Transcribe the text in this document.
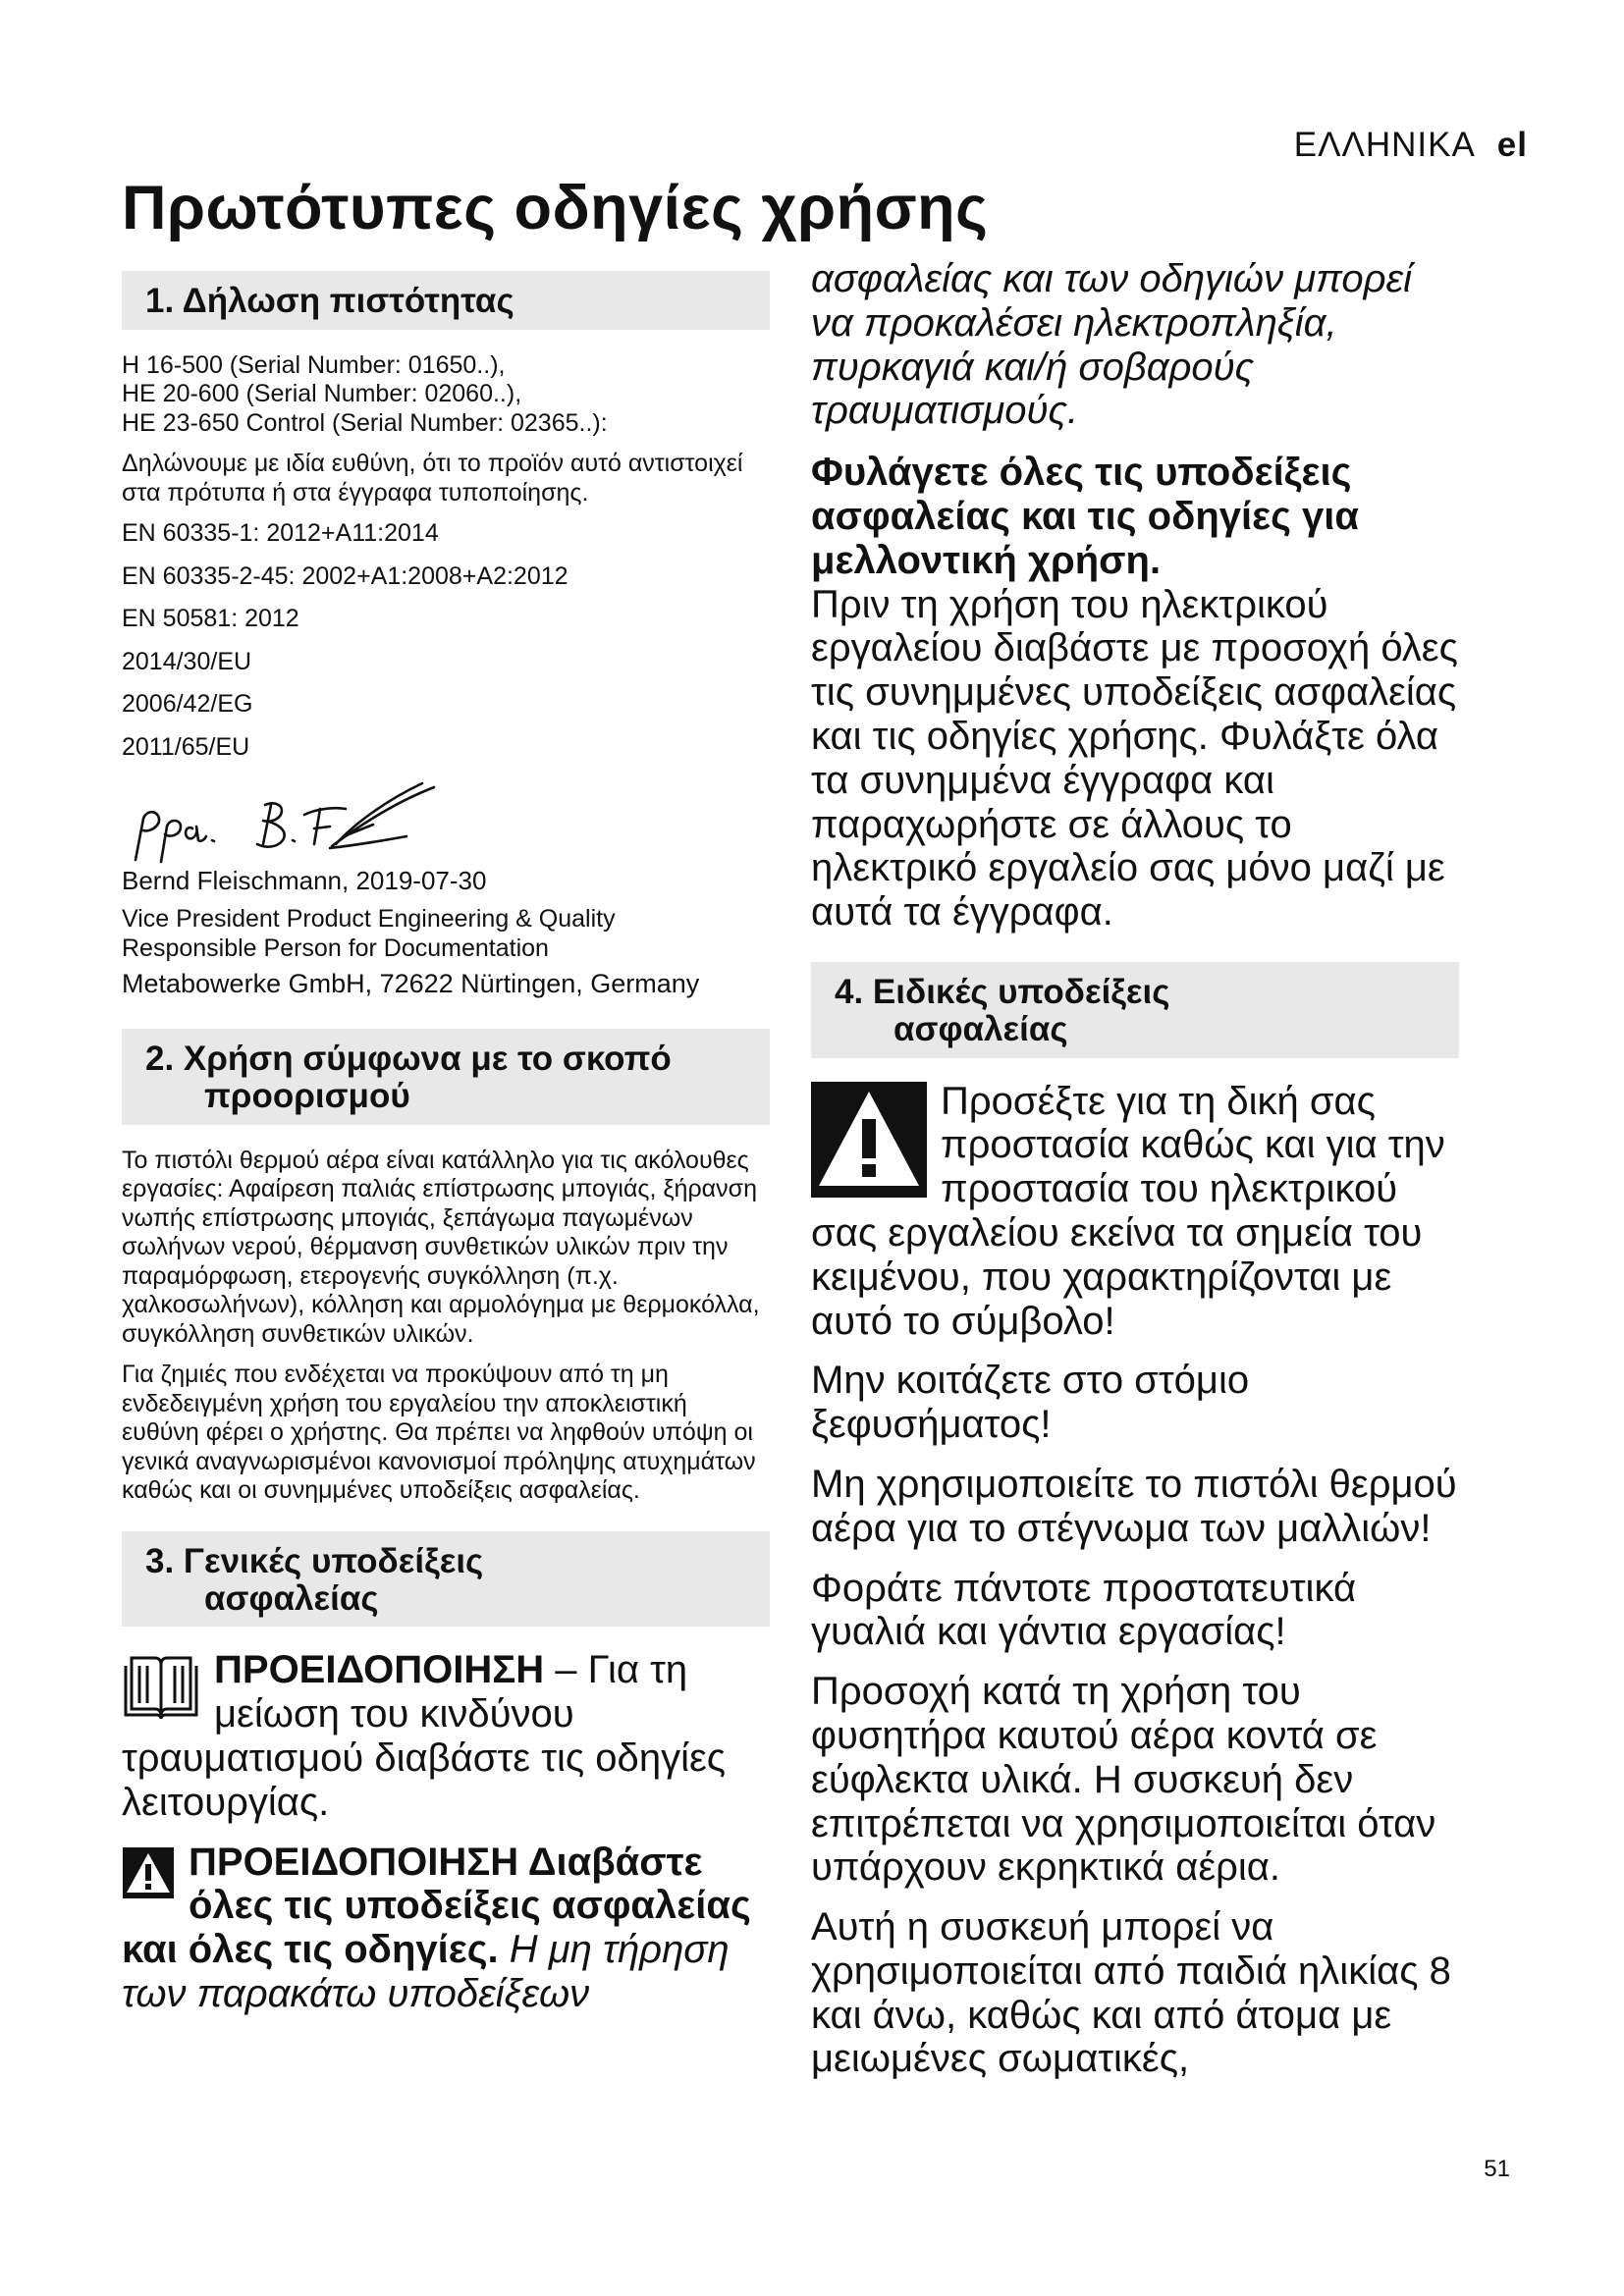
ΕΛΛΗΝΙΚΑ el
Πρωτότυπες οδηγίες χρήσης
1. Δήλωση πιστότητας

H 16-500 (Serial Number: 01650..),
HE 20-600 (Serial Number: 02060..),
HE 23-650 Control (Serial Number: 02365..):

Δηλώνουμε με ιδία ευθύνη, ότι το προϊόν αυτό αντιστοιχεί στα πρότυπα ή στα έγγραφα τυποποίησης.

EN 60335-1: 2012+A11:2014

EN 60335-2-45: 2002+A1:2008+A2:2012

EN 50581: 2012

2014/30/EU

2006/42/EG

2011/65/EU

Bernd Fleischmann, 2019-07-30

Vice President Product Engineering & Quality
Responsible Person for Documentation

Metabowerke GmbH, 72622 Nürtingen, Germany

2. Χρήση σύμφωνα με το σκοπό
προορισμού

Το πιστόλι θερμού αέρα είναι κατάλληλο για τις ακόλουθες εργασίες: Αφαίρεση παλιάς επίστρωσης μπογιάς, ξήρανση νωπής επίστρωσης μπογιάς, ξεπάγωμα παγωμένων σωλήνων νερού, θέρμανση συνθετικών υλικών πριν την παραμόρφωση, ετερογενής συγκόλληση (π.χ. χαλκοσωλήνων), κόλληση και αρμολόγημα με θερμοκόλλα, συγκόλληση συνθετικών υλικών.

Για ζημιές που ενδέχεται να προκύψουν από τη μη ενδεδειγμένη χρήση του εργαλείου την αποκλειστική ευθύνη φέρει ο χρήστης. Θα πρέπει να ληφθούν υπόψη οι γενικά αναγνωρισμένοι κανονισμοί πρόληψης ατυχημάτων καθώς και οι συνημμένες υποδείξεις ασφαλείας.

3. Γενικές υποδείξεις
ασφαλείας

ΠΡΟΕΙΔΟΠΟΙΗΣΗ – Για τη μείωση του κινδύνου τραυματισμού διαβάστε τις οδηγίες λειτουργίας.

ΠΡΟΕΙΔΟΠΟΙΗΣΗ Διαβάστε όλες τις υποδείξεις ασφαλείας και όλες τις οδηγίες. Η μη τήρηση των παρακάτω υποδείξεων

ασφαλείας και των οδηγιών μπορεί να προκαλέσει ηλεκτροπληξία, πυρκαγιά και/ή σοβαρούς τραυματισμούς.

Φυλάγετε όλες τις υποδείξεις ασφαλείας και τις οδηγίες για μελλοντική χρήση.

Πριν τη χρήση του ηλεκτρικού εργαλείου διαβάστε με προσοχή όλες τις συνημμένες υποδείξεις ασφαλείας και τις οδηγίες χρήσης. Φυλάξτε όλα τα συνημμένα έγγραφα και παραχωρήστε σε άλλους το ηλεκτρικό εργαλείο σας μόνο μαζί με αυτά τα έγγραφα.

4. Ειδικές υποδείξεις
ασφαλείας

Προσέξτε για τη δική σας προστασία καθώς και για την προστασία του ηλεκτρικού σας εργαλείου εκείνα τα σημεία του κειμένου, που χαρακτηρίζονται με αυτό το σύμβολο!

Μην κοιτάζετε στο στόμιο ξεφυσήματος!

Μη χρησιμοποιείτε το πιστόλι θερμού αέρα για το στέγνωμα των μαλλιών!

Φοράτε πάντοτε προστατευτικά γυαλιά και γάντια εργασίας!

Προσοχή κατά τη χρήση του φυσητήρα καυτού αέρα κοντά σε εύφλεκτα υλικά. Η συσκευή δεν επιτρέπεται να χρησιμοποιείται όταν υπάρχουν εκρηκτικά αέρια.

Αυτή η συσκευή μπορεί να χρησιμοποιείται από παιδιά ηλικίας 8 και άνω, καθώς και από άτομα με μειωμένες σωματικές,

51
